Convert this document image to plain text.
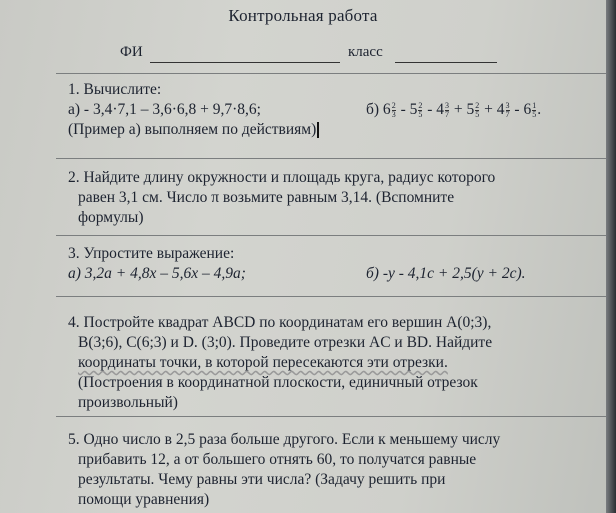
Контрольная работа
ФИ	класс
1. Вычислите:
а) - 3,4·7,1 – 3,6·6,8 + 9,7·8,6;	б) $6 \frac{2}{3} - 5 \frac{2}{5} - 4 \frac{3}{7} + 5 \frac{2}{5} + 4 \frac{3}{7} - 6 \frac{1}{5}$ .
(Пример а) выполняем по действиям)
2. Найдите длину окружности и площадь круга, радиус которого
равен 3,1 см. Число π возьмите равным 3,14. (Вспомните
формулы)
3. Упростите выражение:
а) 3,2а + 4,8х – 5,6х – 4,9а;	б) -у - 4,1с + 2,5(у + 2с).
4. Постройте квадрат ABCD по координатам его вершин A(0;3),
B(3;6), C(6;3) и D. (3;0). Проведите отрезки AC и BD. Найдите
координаты точки, в которой пересекаются эти отрезки.
(Построения в координатной плоскости, единичный отрезок
произвольный)
5. Одно число в 2,5 раза больше другого. Если к меньшему числу
прибавить 12, а от большего отнять 60, то получатся равные
результаты. Чему равны эти числа? (Задачу решить при
помощи уравнения)
